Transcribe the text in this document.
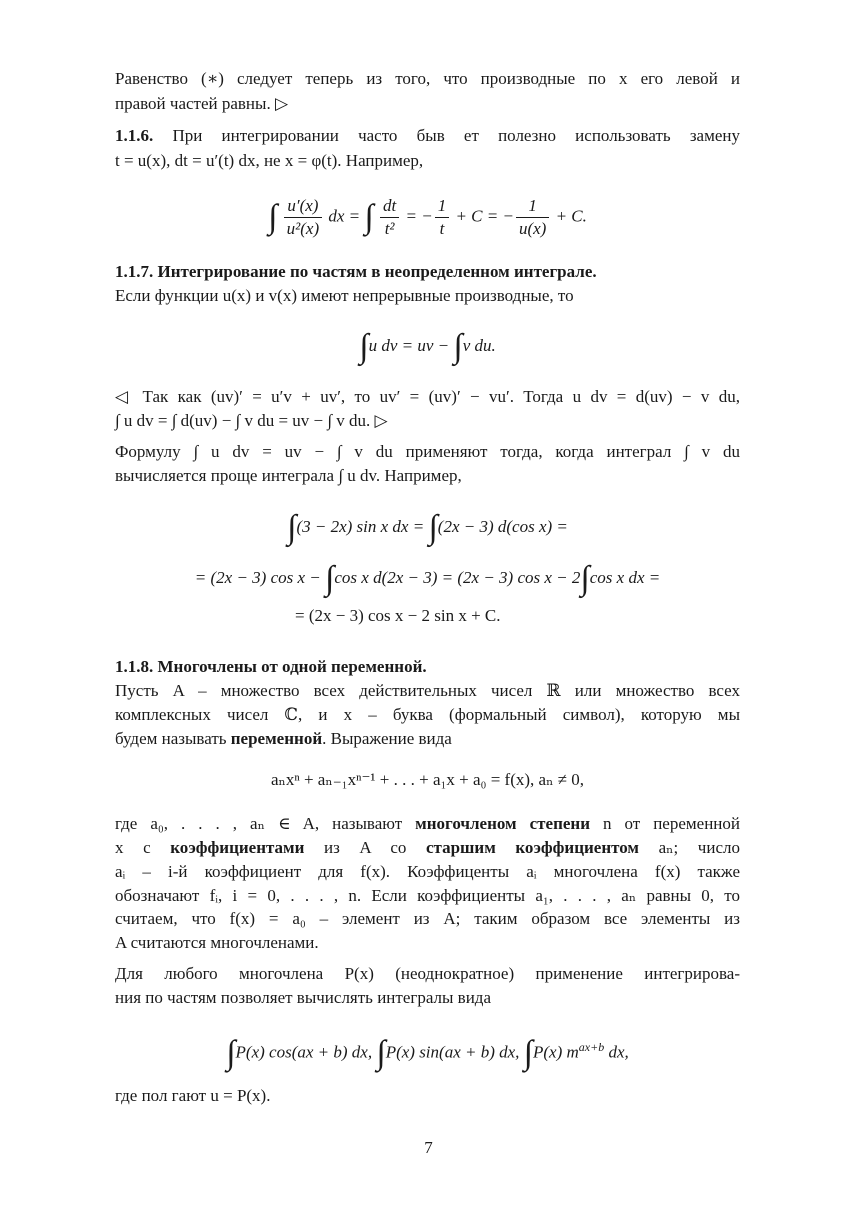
Равенство (∗) следует теперь из того, что производные по x его левой и
правой частей равны. ▷
1.1.6. При интегрировании часто быв ет полезно использовать замену
t = u(x), dt = u′(t) dx, не x = φ(t). Например,
∫ $\frac{u'(x)}{\text{u²(x)}}$ dx = ∫ $\frac{dt}{\text{t²}}$ = − $\frac{1}{t} + C$ = − $\frac{1}{u(x)} + C$.
1.1.7. Интегрирование по частям в неопределенном интеграле.
Если функции u(x) и v(x) имеют непрерывные производные, то
∫u dv = uv − ∫v du.
◁ Так как (uv)′ = u′v + uv′, то uv′ = (uv)′ − vu′. Тогда u dv = d(uv) − v du,
∫ u dv = ∫ d(uv) − ∫ v du = uv − ∫ v du. ▷
Формулу ∫ u dv = uv − ∫ v du применяют тогда, когда интеграл ∫ v du
вычисляется проще интеграла ∫ u dv. Например,
∫(3 − 2x) sin x dx = ∫(2x − 3) d(cos x) =
= (2x − 3) cos x − ∫cos x d(2x − 3) = (2x − 3) cos x − 2∫cos x dx =
= (2x − 3) cos x − 2 sin x + C.
1.1.8. Многочлены от одной переменной.
Пусть A – множество всех действительных чисел ℝ или множество всех
комплексных чисел ℂ, и x – буква (формальный символ), которую мы
будем называть переменной. Выражение вида
aₙxⁿ + aₙ₋₁xⁿ⁻¹ + . . . + a₁x + a₀ = f(x), aₙ ≠ 0,
где a₀, . . . , aₙ ∈ A, называют многочленом степени n от переменной
x с коэффициентами из A со старшим коэффициентом aₙ; число
aᵢ – i-й коэффициент для f(x). Коэффиценты aᵢ многочлена f(x) также
обозначают fᵢ, i = 0, . . . , n. Если коэффициенты a₁, . . . , aₙ равны 0, то
считаем, что f(x) = a₀ – элемент из A; таким образом все элементы из
A считаются многочленами.
Для любого многочлена P(x) (неоднократное) применение интегрирова-
ния по частям позволяет вычислять интегралы вида
∫P(x) cos(ax + b) dx, ∫P(x) sin(ax + b) dx, ∫P(x) $m^{ax+b}$ dx,
где пол гают u = P(x).
7
